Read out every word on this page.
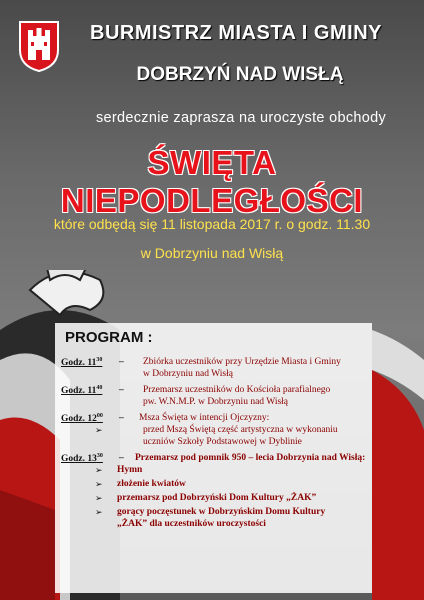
BURMISTRZ MIASTA I GMINY
DOBRZYŃ NAD WISŁĄ
serdecznie zaprasza na uroczyste obchody
ŚWIĘTA NIEPODLEGŁOŚCI
które odbędą się 11 listopada 2017 r. o godz. 11.30
w Dobrzyniu nad Wisłą
PROGRAM :
Godz. $11^{30}$ – Zbiórka uczestników przy Urzędzie Miasta i Gminy
w Dobrzyniu nad Wisłą
Godz. $11^{40}$ – Przemarsz uczestników do Kościoła parafialnego
pw. W.N.M.P. w Dobrzyniu nad Wisłą
Godz. $12^{00}$ – Msza Święta w intencji Ojczyzny:
➢	przed Mszą Świętą część artystyczna w wykonaniu
uczniów Szkoły Podstawowej w Dyblinie
Godz. $13^{30}$ – Przemarsz pod pomnik 950 – lecia Dobrzynia nad Wisłą:
➢ Hymn
➢ złożenie kwiatów
➢ przemarsz pod Dobrzyński Dom Kultury „ŻAK”
➢ gorący poczęstunek w Dobrzyńskim Domu Kultury
„ŻAK” dla uczestników uroczystości
